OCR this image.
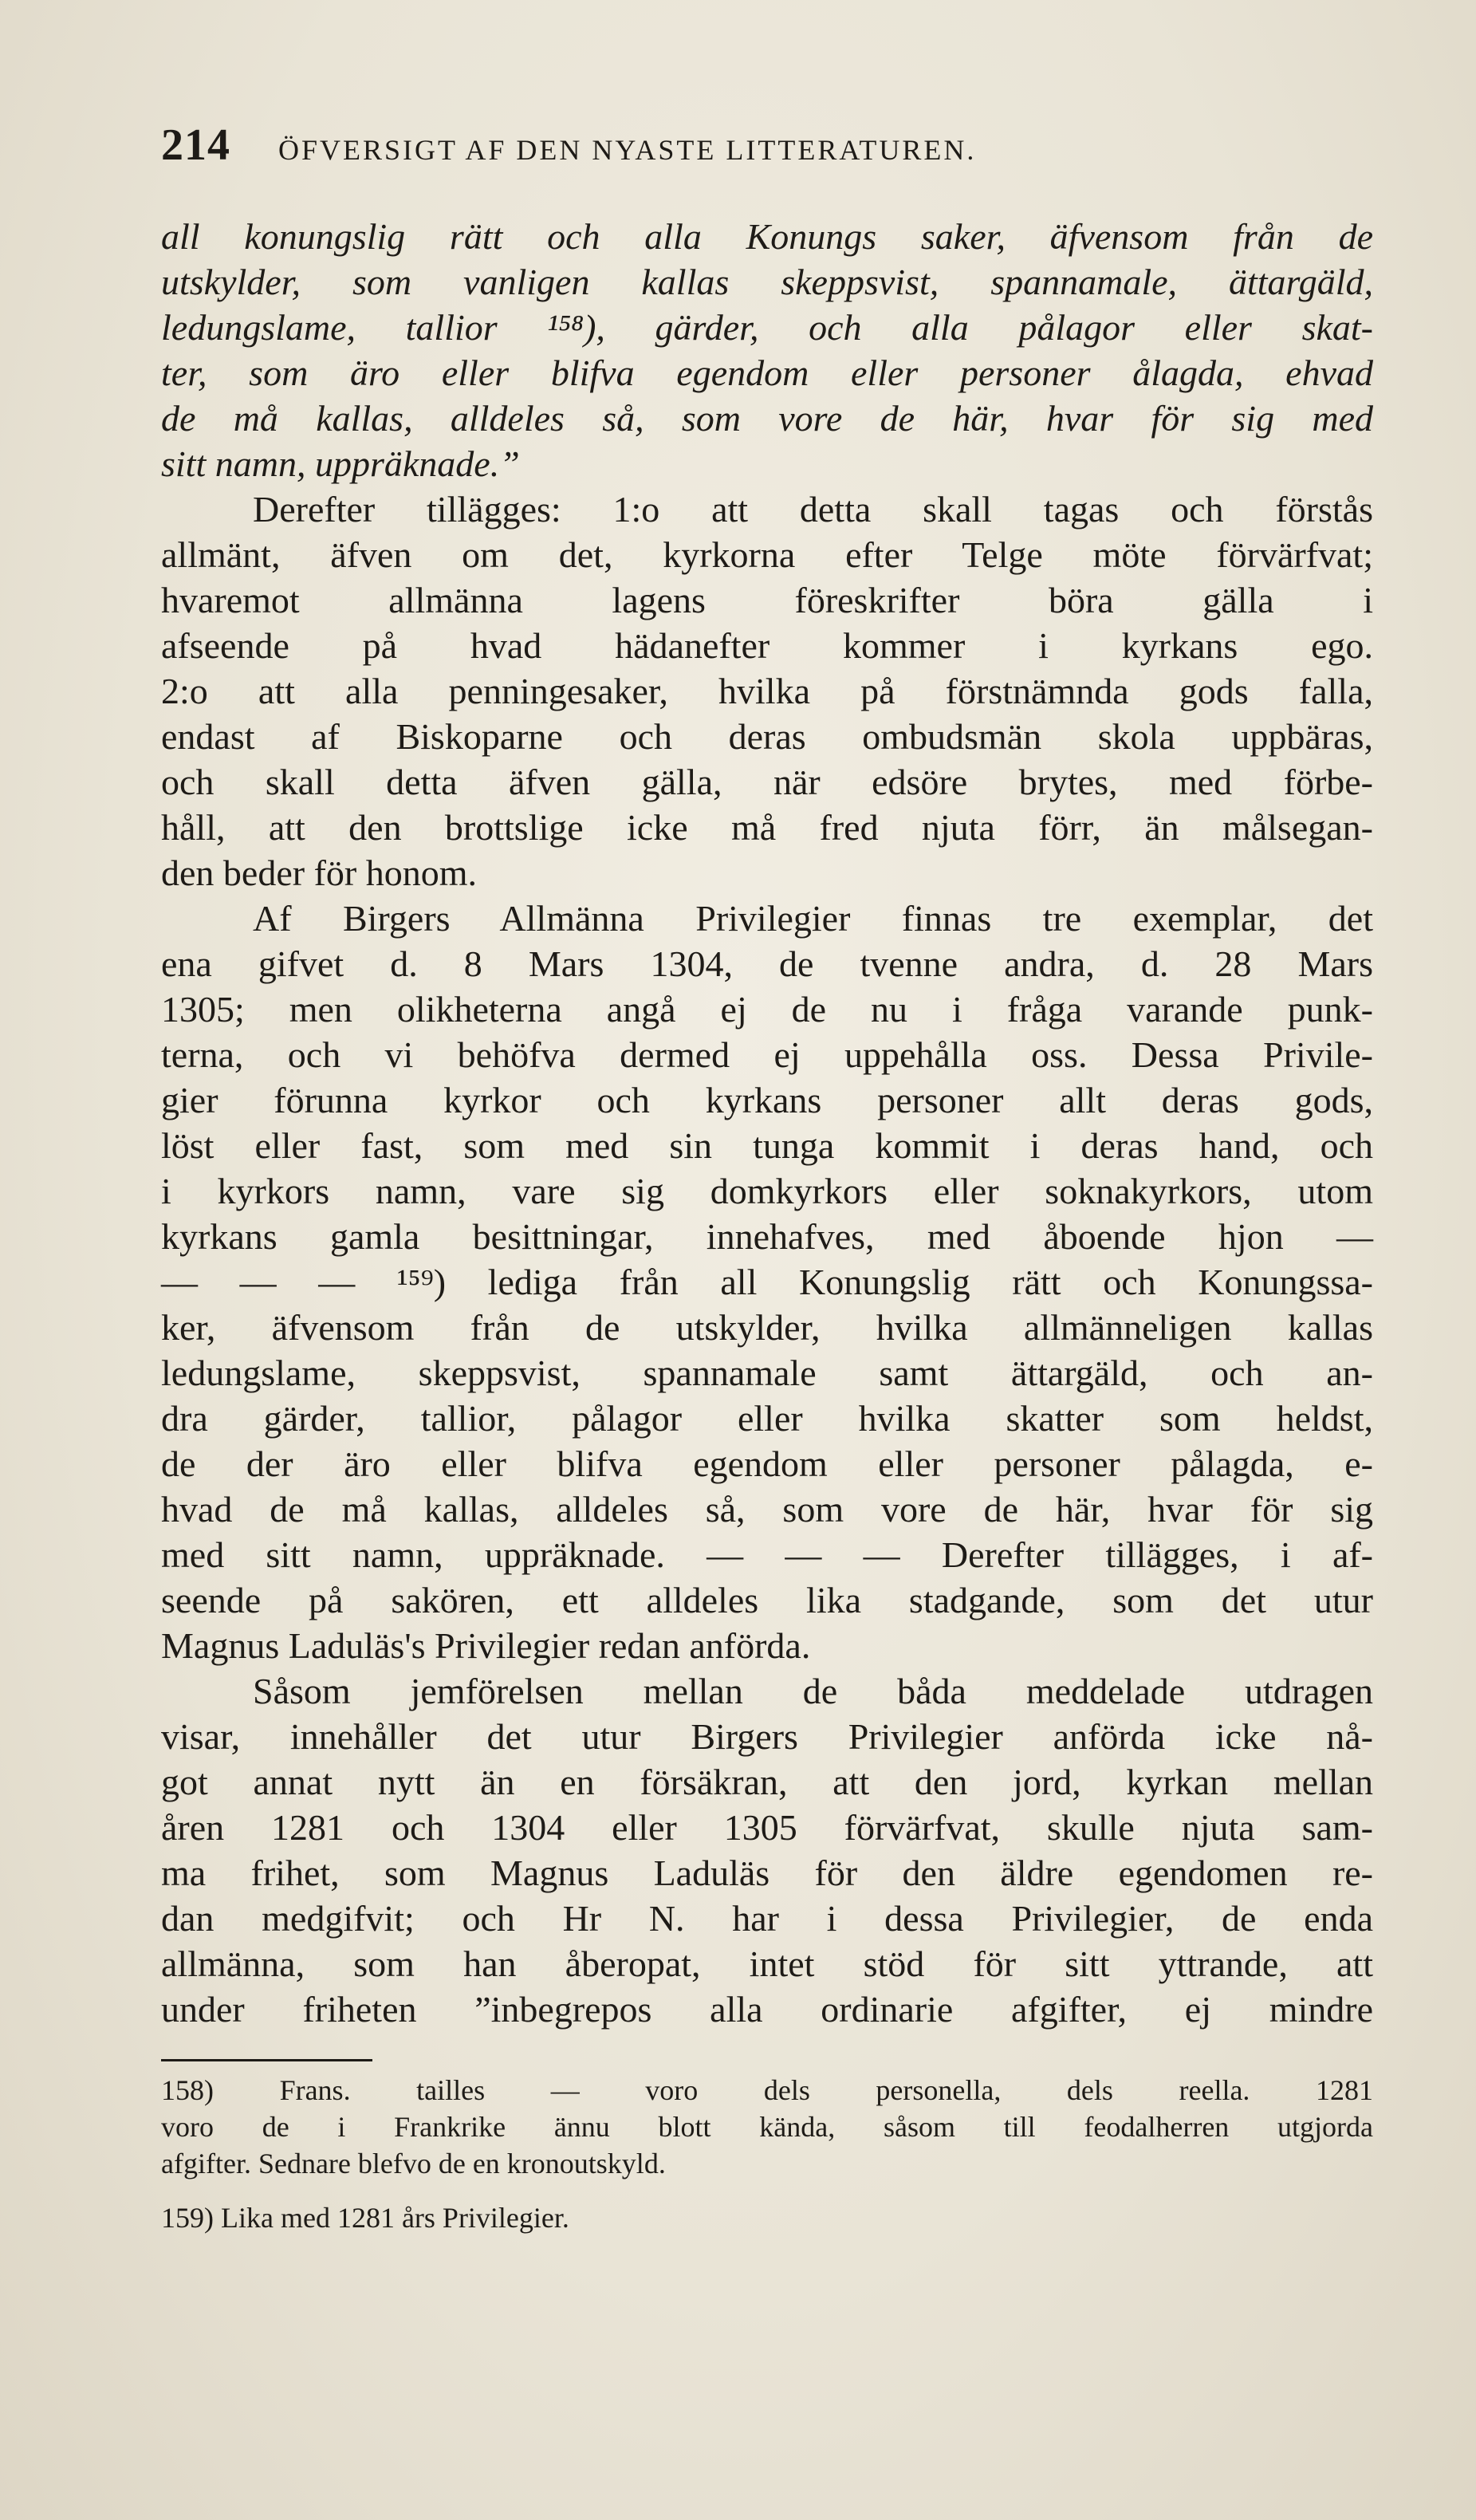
214 ÖFVERSIGT AF DEN NYASTE LITTERATUREN.
all konungslig rätt och alla Konungs saker, äfvensom från de
utskylder, som vanligen kallas skeppsvist, spannamale, ättargäld,
ledungslame, tallior ¹⁵⁸), gärder, och alla pålagor eller skat-
ter, som äro eller blifva egendom eller personer ålagda, ehvad
de må kallas, alldeles så, som vore de här, hvar för sig med
sitt namn, uppräknade.”
Derefter tillägges: 1:o att detta skall tagas och förstås
allmänt, äfven om det, kyrkorna efter Telge möte förvärfvat;
hvaremot allmänna lagens föreskrifter böra gälla i
afseende på hvad hädanefter kommer i kyrkans ego.
2:o att alla penningesaker, hvilka på förstnämnda gods falla,
endast af Biskoparne och deras ombudsmän skola uppbäras,
och skall detta äfven gälla, när edsöre brytes, med förbe-
håll, att den brottslige icke må fred njuta förr, än målsegan-
den beder för honom.
Af Birgers Allmänna Privilegier finnas tre exemplar, det
ena gifvet d. 8 Mars 1304, de tvenne andra, d. 28 Mars
1305; men olikheterna angå ej de nu i fråga varande punk-
terna, och vi behöfva dermed ej uppehålla oss. Dessa Privile-
gier förunna kyrkor och kyrkans personer allt deras gods,
löst eller fast, som med sin tunga kommit i deras hand, och
i kyrkors namn, vare sig domkyrkors eller soknakyrkors, utom
kyrkans gamla besittningar, innehafves, med åboende hjon —
— — — ¹⁵⁹) lediga från all Konungslig rätt och Konungssa-
ker, äfvensom från de utskylder, hvilka allmänneligen kallas
ledungslame, skeppsvist, spannamale samt ättargäld, och an-
dra gärder, tallior, pålagor eller hvilka skatter som heldst,
de der äro eller blifva egendom eller personer pålagda, e-
hvad de må kallas, alldeles så, som vore de här, hvar för sig
med sitt namn, uppräknade. — — — Derefter tillägges, i af-
seende på sakören, ett alldeles lika stadgande, som det utur
Magnus Laduläs's Privilegier redan anförda.
Såsom jemförelsen mellan de båda meddelade utdragen
visar, innehåller det utur Birgers Privilegier anförda icke nå-
got annat nytt än en försäkran, att den jord, kyrkan mellan
åren 1281 och 1304 eller 1305 förvärfvat, skulle njuta sam-
ma frihet, som Magnus Laduläs för den äldre egendomen re-
dan medgifvit; och Hr N. har i dessa Privilegier, de enda
allmänna, som han åberopat, intet stöd för sitt yttrande, att
under friheten ”inbegrepos alla ordinarie afgifter, ej mindre
158) Frans. tailles — voro dels personella, dels reella. 1281
voro de i Frankrike ännu blott kända, såsom till feodalherren utgjorda
afgifter. Sednare blefvo de en kronoutskyld.
159) Lika med 1281 års Privilegier.
